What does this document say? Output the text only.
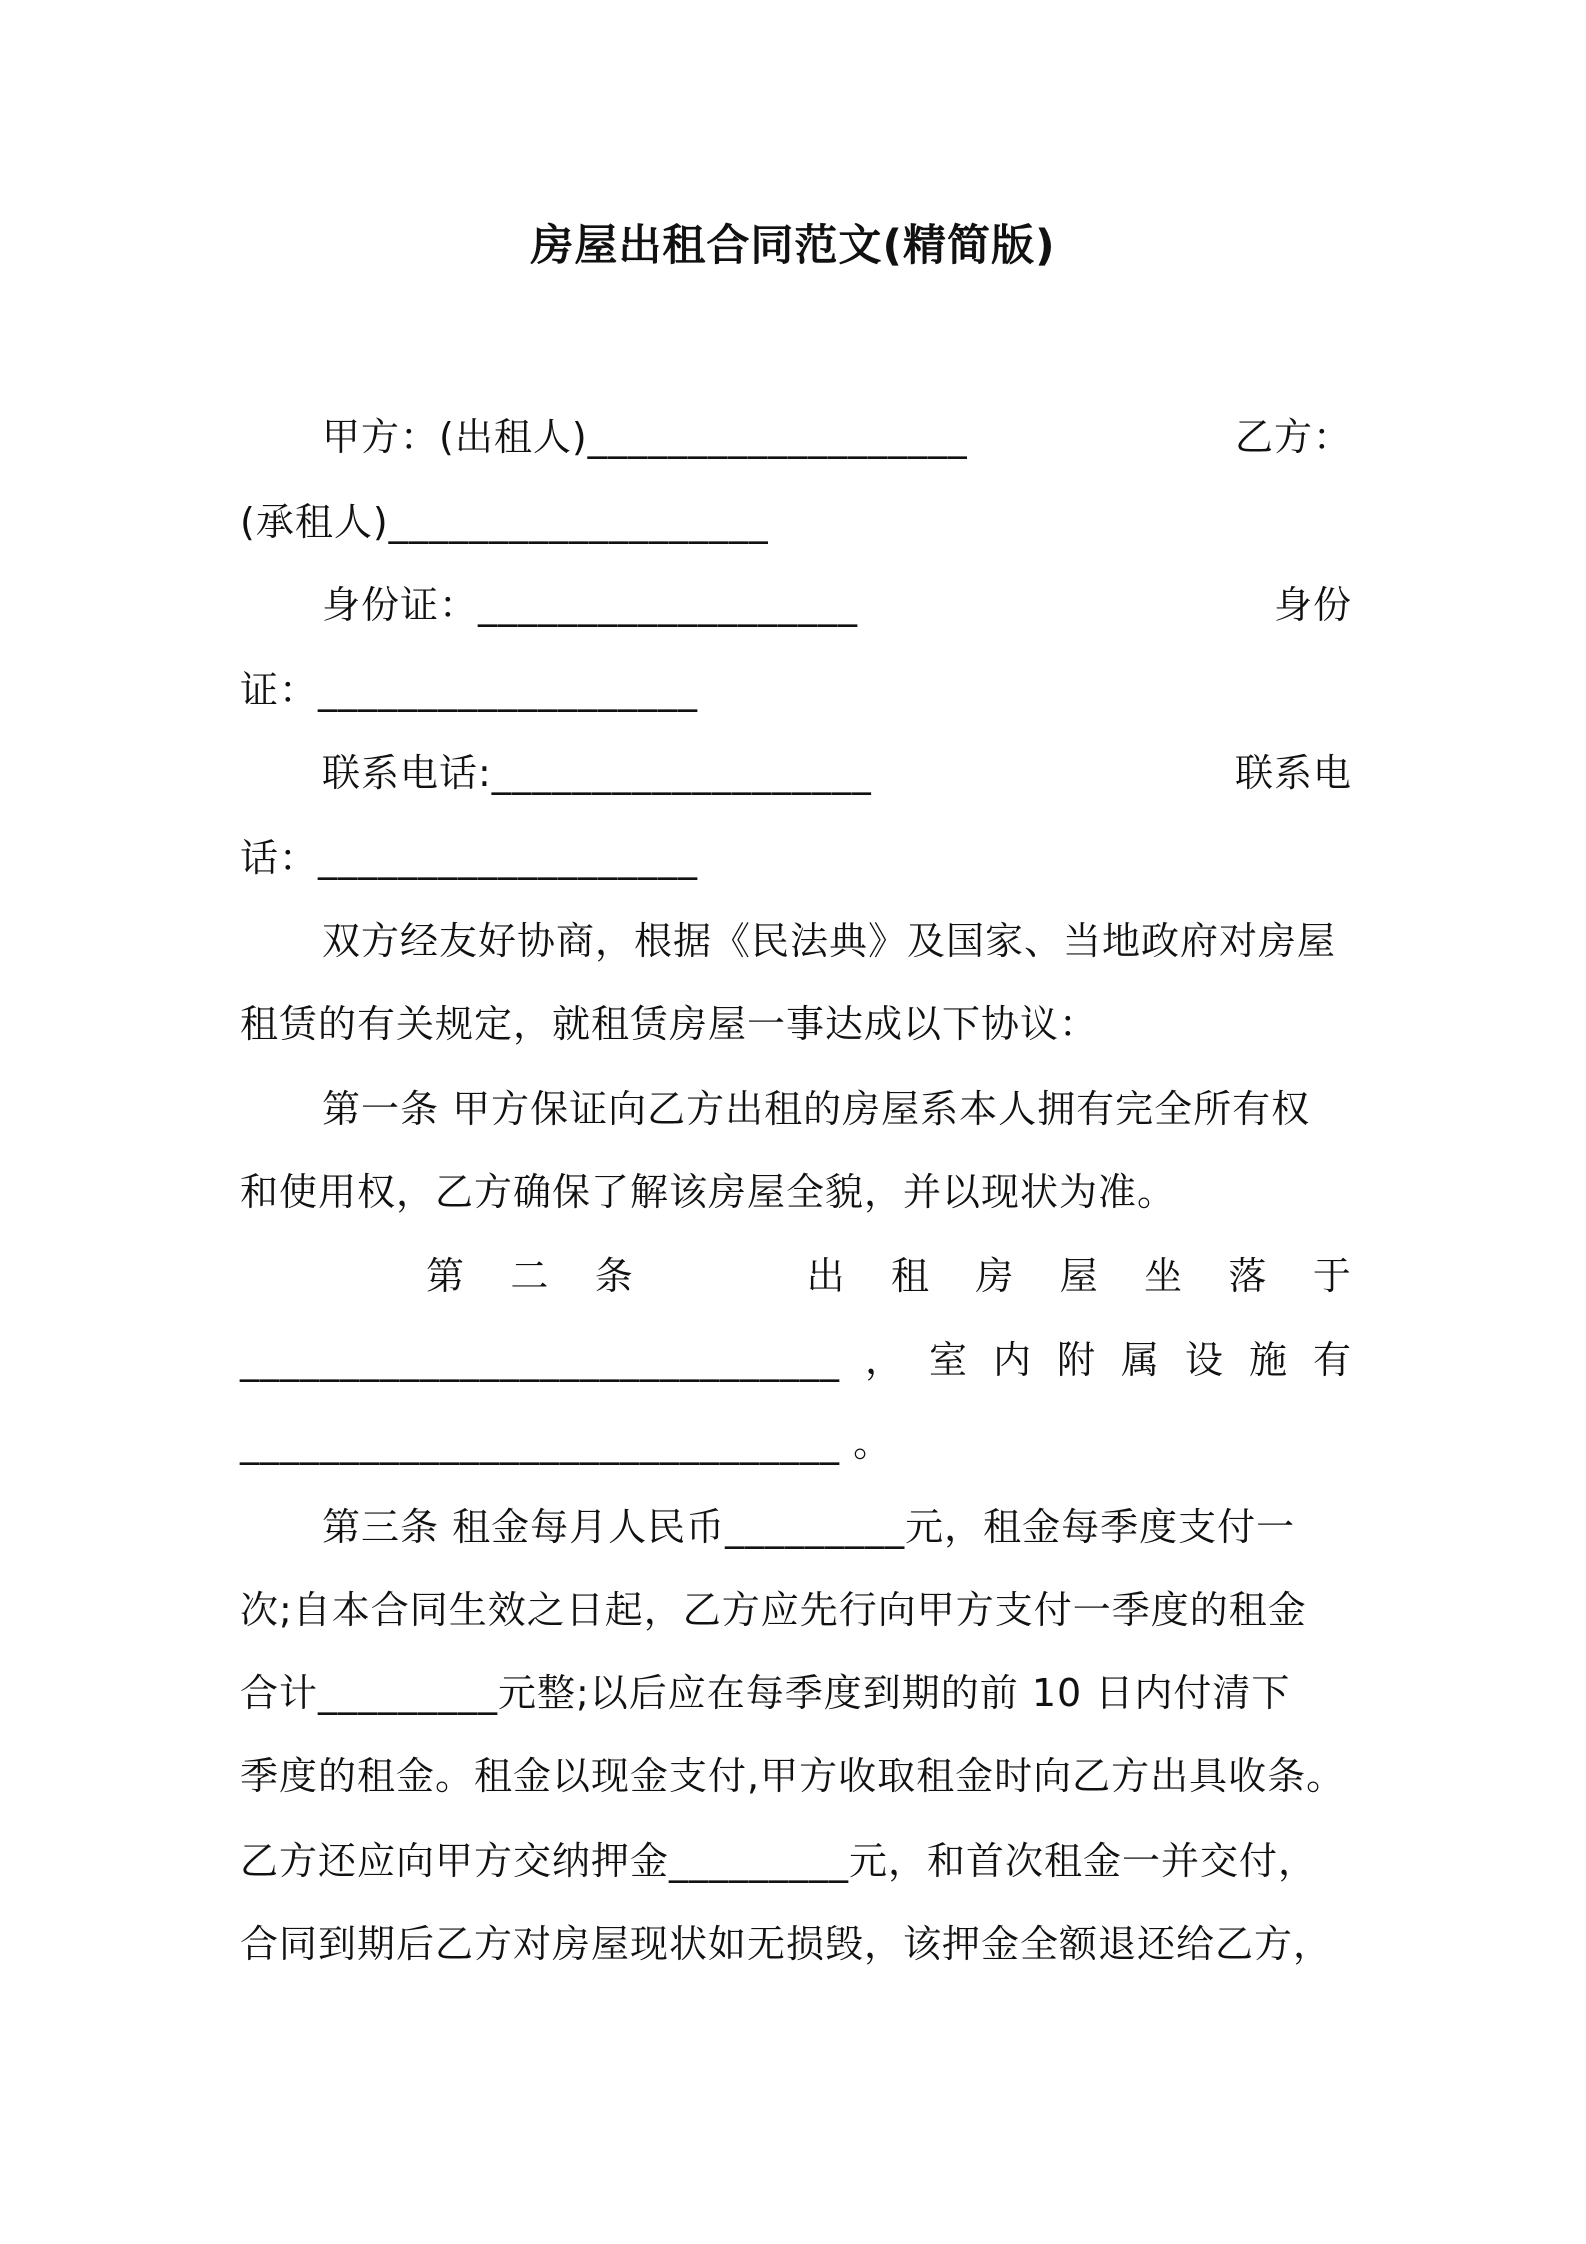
房屋出租合同范文(精简版)
甲方：(出租人)___________________	乙方：
(承租人)___________________
身份证：___________________	身份
证：___________________
联系电话:___________________	联系电
话：___________________
双方经友好协商，根据《民法典》及国家、当地政府对房屋
租赁的有关规定，就租赁房屋一事达成以下协议：
第一条 甲方保证向乙方出租的房屋系本人拥有完全所有权
和使用权，乙方确保了解该房屋全貌，并以现状为准。
第 二 条	出 租 房 屋 坐 落 于
______________________________ ， 室 内 附 属 设 施 有
______________________________ 。
第三条 租金每月人民币_________元，租金每季度支付一
次;自本合同生效之日起，乙方应先行向甲方支付一季度的租金
合计_________元整;以后应在每季度到期的前 10 日内付清下
季度的租金。租金以现金支付,甲方收取租金时向乙方出具收条。
乙方还应向甲方交纳押金_________元，和首次租金一并交付，
合同到期后乙方对房屋现状如无损毁，该押金全额退还给乙方，
